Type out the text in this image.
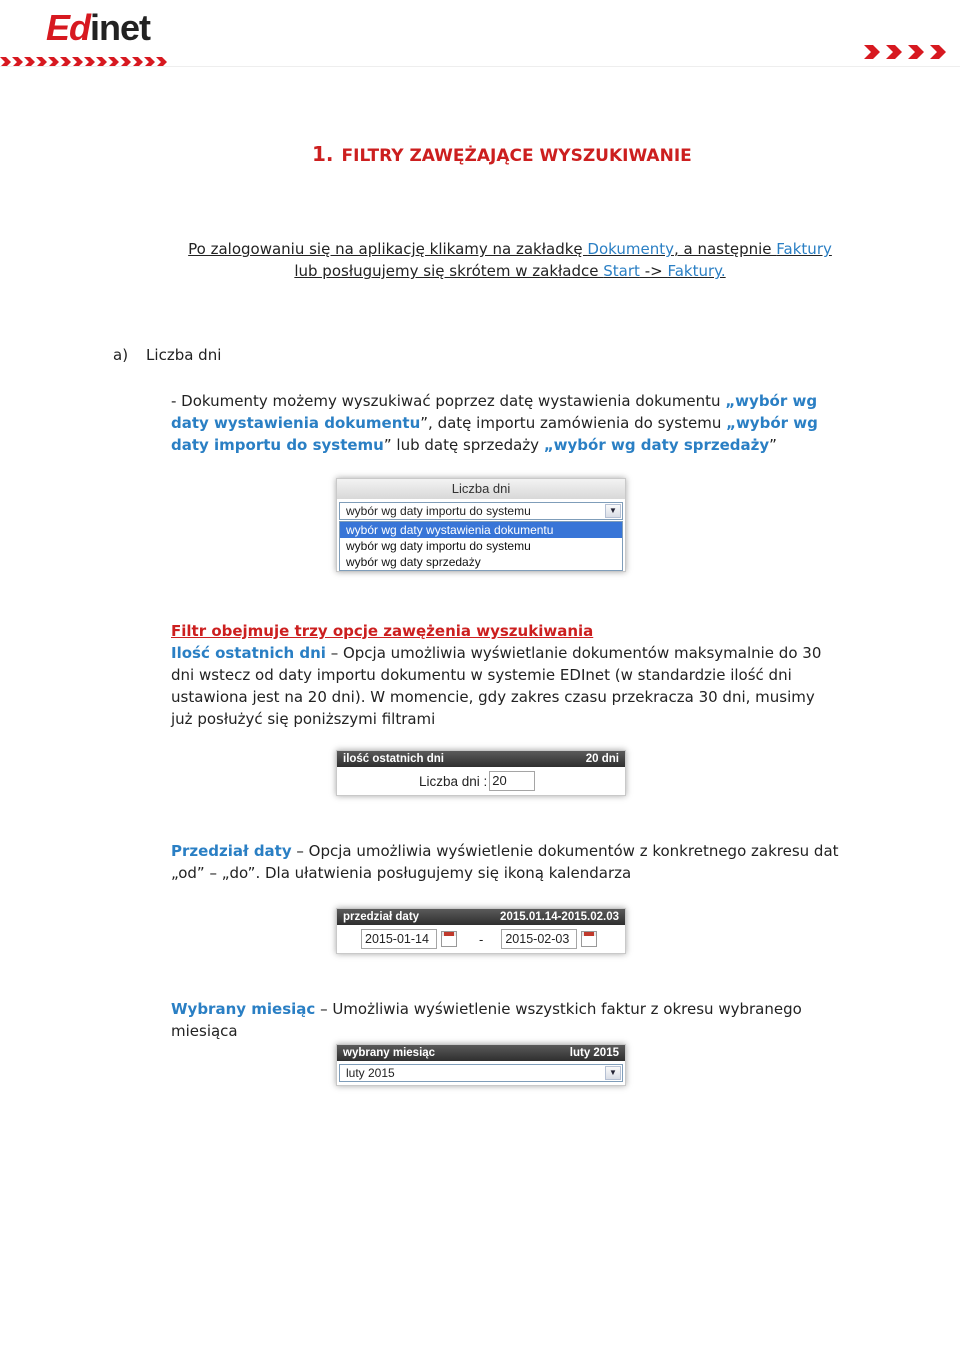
Edinet
1. FILTRY ZAWĘŻAJĄCE WYSZUKIWANIE
Po zalogowaniu się na aplikację klikamy na zakładkę Dokumenty, a następnie Faktury lub posługujemy się skrótem w zakładce Start -> Faktury.
a) Liczba dni
- Dokumenty możemy wyszukiwać poprzez datę wystawienia dokumentu „wybór wg daty wystawienia dokumentu”, datę importu zamówienia do systemu „wybór wg daty importu do systemu” lub datę sprzedaży „wybór wg daty sprzedaży”
Liczba dni
wybór wg daty importu do systemu	▼
wybór wg daty wystawienia dokumentu
wybór wg daty importu do systemu
wybór wg daty sprzedaży
Filtr obejmuje trzy opcje zawężenia wyszukiwania
Ilość ostatnich dni – Opcja umożliwia wyświetlanie dokumentów maksymalnie do 30 dni wstecz od daty importu dokumentu w systemie EDInet (w standardzie ilość dni ustawiona jest na 20 dni). W momencie, gdy zakres czasu przekracza 30 dni, musimy już posłużyć się poniższymi filtrami
ilość ostatnich dni	20 dni
Liczba dni : 20
Przedział daty – Opcja umożliwia wyświetlenie dokumentów z konkretnego zakresu dat „od” – „do”. Dla ułatwienia posługujemy się ikoną kalendarza
przedział daty	2015.01.14-2015.02.03
2015-01-14	-	2015-02-03
Wybrany miesiąc – Umożliwia wyświetlenie wszystkich faktur z okresu wybranego miesiąca
wybrany miesiąc	luty 2015
luty 2015	▼
